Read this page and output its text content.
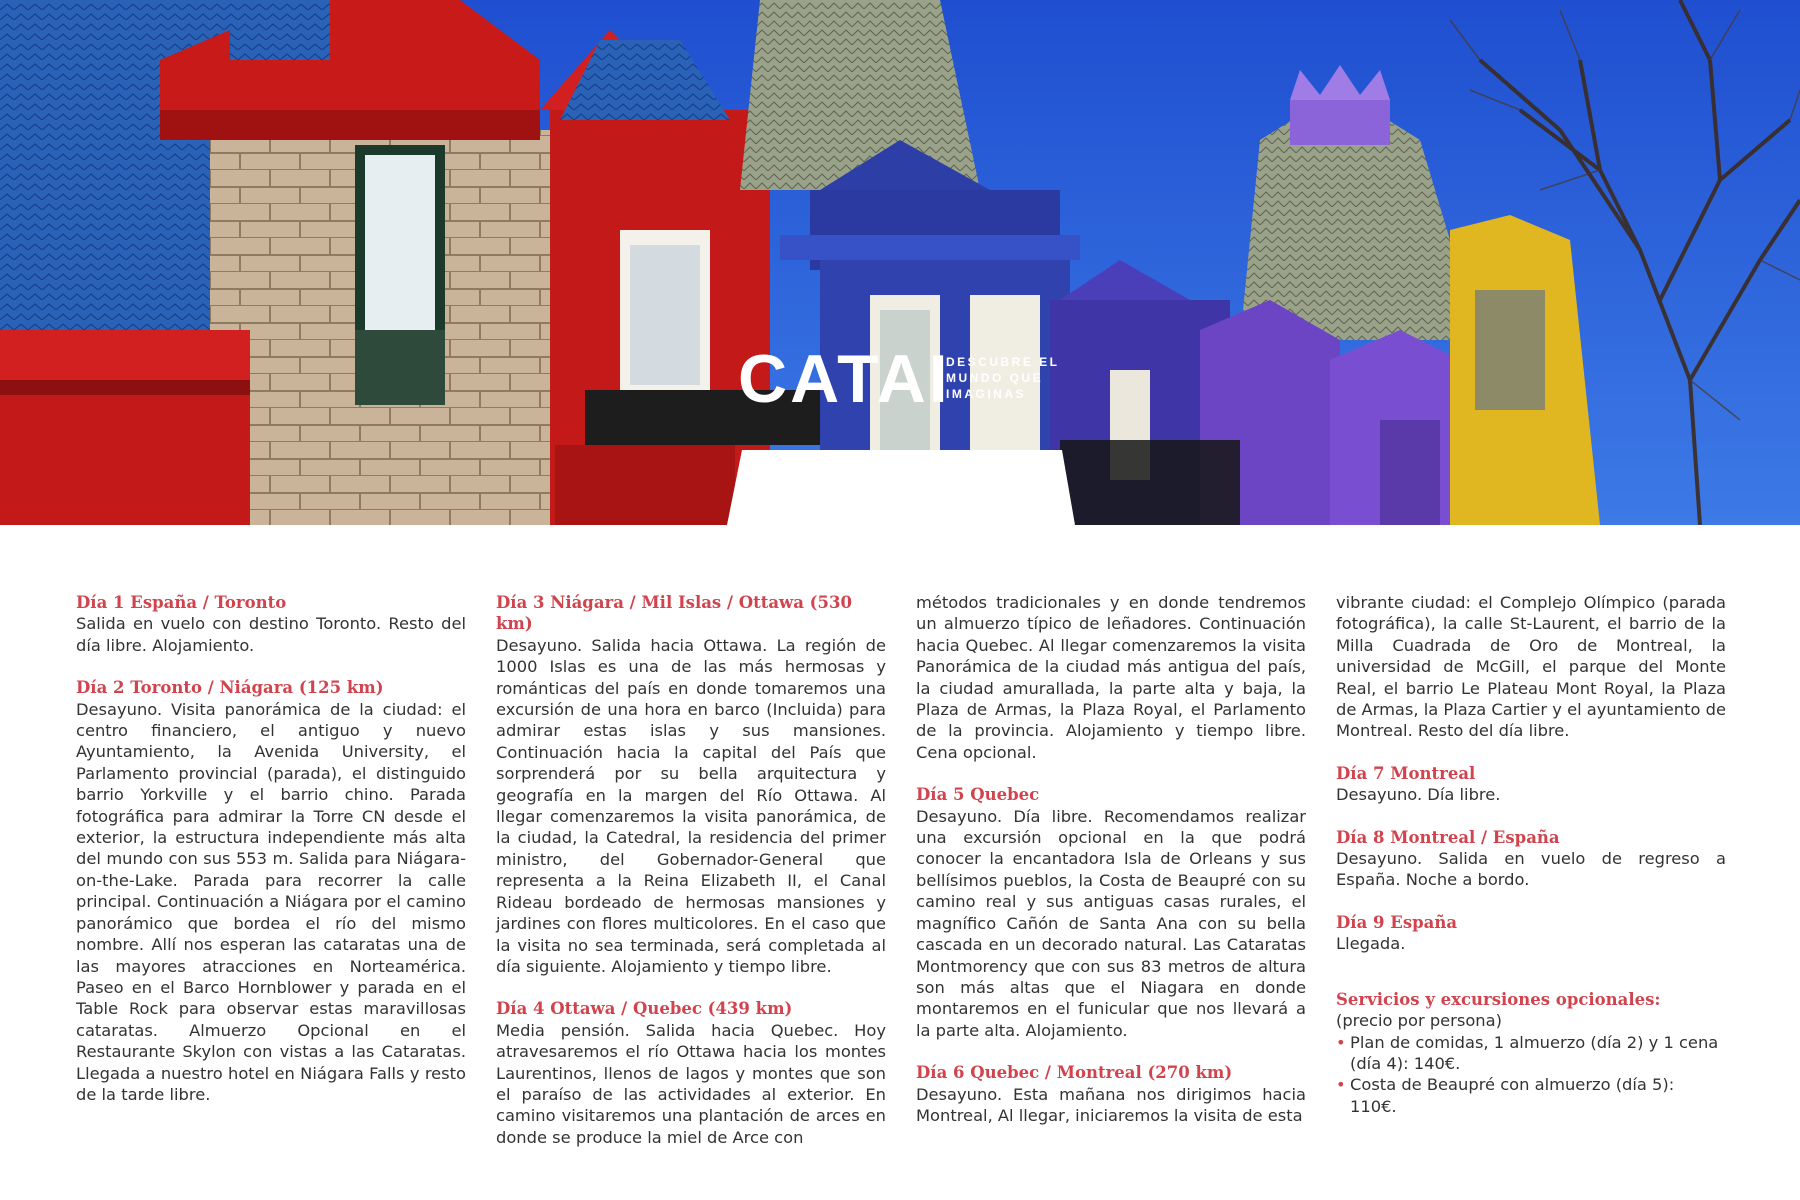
CATAI
DESCUBRE EL
MUNDO QUE
IMAGINAS
Día 1 España / Toronto

Salida en vuelo con destino Toronto. Resto del día libre. Alojamiento.

Día 2 Toronto / Niágara (125 km)

Desayuno. Visita panorámica de la ciudad: el centro financiero, el antiguo y nuevo Ayuntamiento, la Avenida University, el Parlamento provincial (parada), el distinguido barrio Yorkville y el barrio chino. Parada fotográfica para admirar la Torre CN desde el exterior, la estructura independiente más alta del mundo con sus 553 m. Salida para Niágara-on-the-Lake. Parada para recorrer la calle principal. Continuación a Niágara por el camino panorámico que bordea el río del mismo nombre. Allí nos esperan las cataratas una de las mayores atracciones en Norteamérica. Paseo en el Barco Hornblower y parada en el Table Rock para observar estas maravillosas cataratas. Almuerzo Opcional en el Restaurante Skylon con vistas a las Cataratas. Llegada a nuestro hotel en Niágara Falls y resto de la tarde libre.

Día 3 Niágara / Mil Islas / Ottawa (530 km)

Desayuno. Salida hacia Ottawa. La región de 1000 Islas es una de las más hermosas y románticas del país en donde tomaremos una excursión de una hora en barco (Incluida) para admirar estas islas y sus mansiones. Continuación hacia la capital del País que sorprenderá por su bella arquitectura y geografía en la margen del Río Ottawa. Al llegar comenzaremos la visita panorámica, de la ciudad, la Catedral, la residencia del primer ministro, del Gobernador-General que representa a la Reina Elizabeth II, el Canal Rideau bordeado de hermosas mansiones y jardines con flores multicolores. En el caso que la visita no sea terminada, será completada al día siguiente. Alojamiento y tiempo libre.

Día 4 Ottawa / Quebec (439 km)

Media pensión. Salida hacia Quebec. Hoy atravesaremos el río Ottawa hacia los montes Laurentinos, llenos de lagos y montes que son el paraíso de las actividades al exterior. En camino visitaremos una plantación de arces en donde se produce la miel de Arce con

métodos tradicionales y en donde tendremos un almuerzo típico de leñadores. Continuación hacia Quebec. Al llegar comenzaremos la visita Panorámica de la ciudad más antigua del país, la ciudad amurallada, la parte alta y baja, la Plaza de Armas, la Plaza Royal, el Parlamento de la provincia. Alojamiento y tiempo libre. Cena opcional.

Día 5 Quebec

Desayuno. Día libre. Recomendamos realizar una excursión opcional en la que podrá conocer la encantadora Isla de Orleans y sus bellísimos pueblos, la Costa de Beaupré con su camino real y sus antiguas casas rurales, el magnífico Cañón de Santa Ana con su bella cascada en un decorado natural. Las Cataratas Montmorency que con sus 83 metros de altura son más altas que el Niagara en donde montaremos en el funicular que nos llevará a la parte alta. Alojamiento.

Día 6 Quebec / Montreal (270 km)

Desayuno. Esta mañana nos dirigimos hacia Montreal, Al llegar, iniciaremos la visita de esta

vibrante ciudad: el Complejo Olímpico (parada fotográfica), la calle St-Laurent, el barrio de la Milla Cuadrada de Oro de Montreal, la universidad de McGill, el parque del Monte Real, el barrio Le Plateau Mont Royal, la Plaza de Armas, la Plaza Cartier y el ayuntamiento de Montreal. Resto del día libre.

Día 7 Montreal

Desayuno. Día libre.

Día 8 Montreal / España

Desayuno. Salida en vuelo de regreso a España. Noche a bordo.

Día 9 España

Llegada.

Servicios y excursiones opcionales:

(precio por persona)

• Plan de comidas, 1 almuerzo (día 2) y 1 cena (día 4): 140€.
• Costa de Beaupré con almuerzo (día 5): 110€.
